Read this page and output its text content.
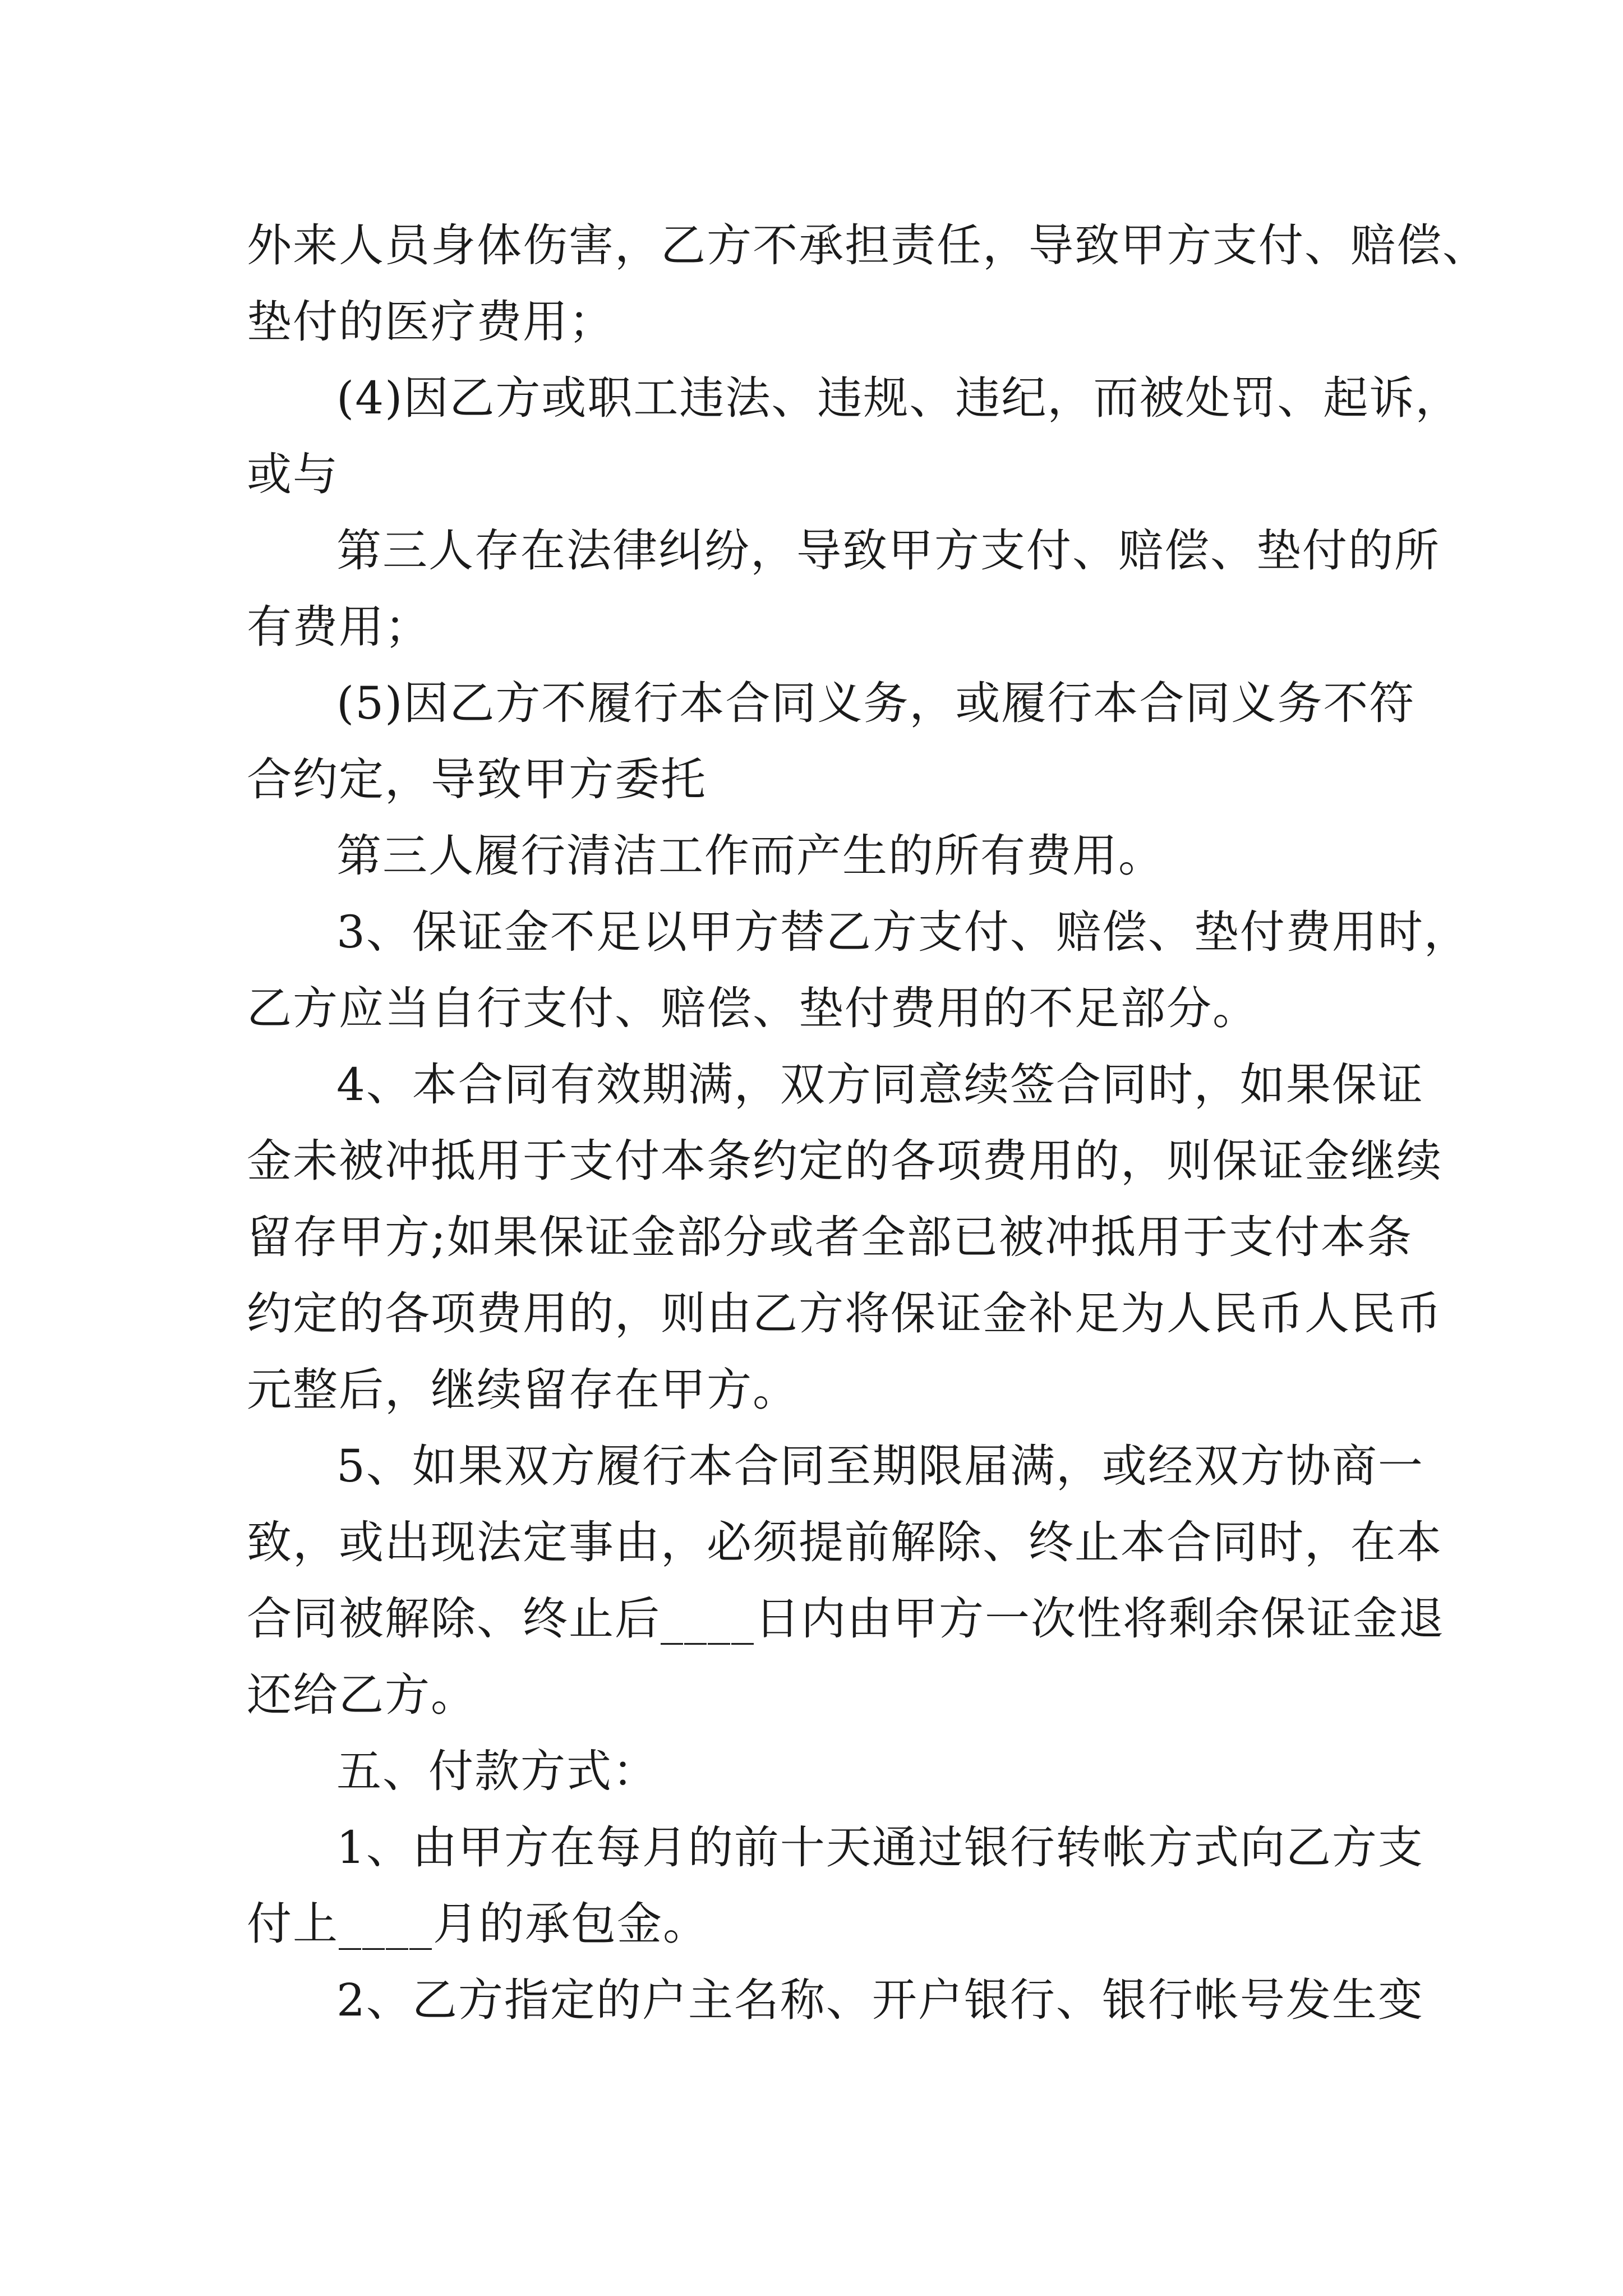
外来人员身体伤害，乙方不承担责任，导致甲方支付、赔偿、
垫付的医疗费用；
(4)因乙方或职工违法、违规、违纪，而被处罚、起诉，
或与
第三人存在法律纠纷，导致甲方支付、赔偿、垫付的所
有费用；
(5)因乙方不履行本合同义务，或履行本合同义务不符
合约定，导致甲方委托
第三人履行清洁工作而产生的所有费用。
3、保证金不足以甲方替乙方支付、赔偿、垫付费用时，
乙方应当自行支付、赔偿、垫付费用的不足部分。
4、本合同有效期满，双方同意续签合同时，如果保证
金未被冲抵用于支付本条约定的各项费用的，则保证金继续
留存甲方;如果保证金部分或者全部已被冲抵用于支付本条
约定的各项费用的，则由乙方将保证金补足为人民币人民币
元整后，继续留存在甲方。
5、如果双方履行本合同至期限届满，或经双方协商一
致，或出现法定事由，必须提前解除、终止本合同时，在本
合同被解除、终止后____日内由甲方一次性将剩余保证金退
还给乙方。
五、付款方式：
1、由甲方在每月的前十天通过银行转帐方式向乙方支
付上____月的承包金。
2、乙方指定的户主名称、开户银行、银行帐号发生变
